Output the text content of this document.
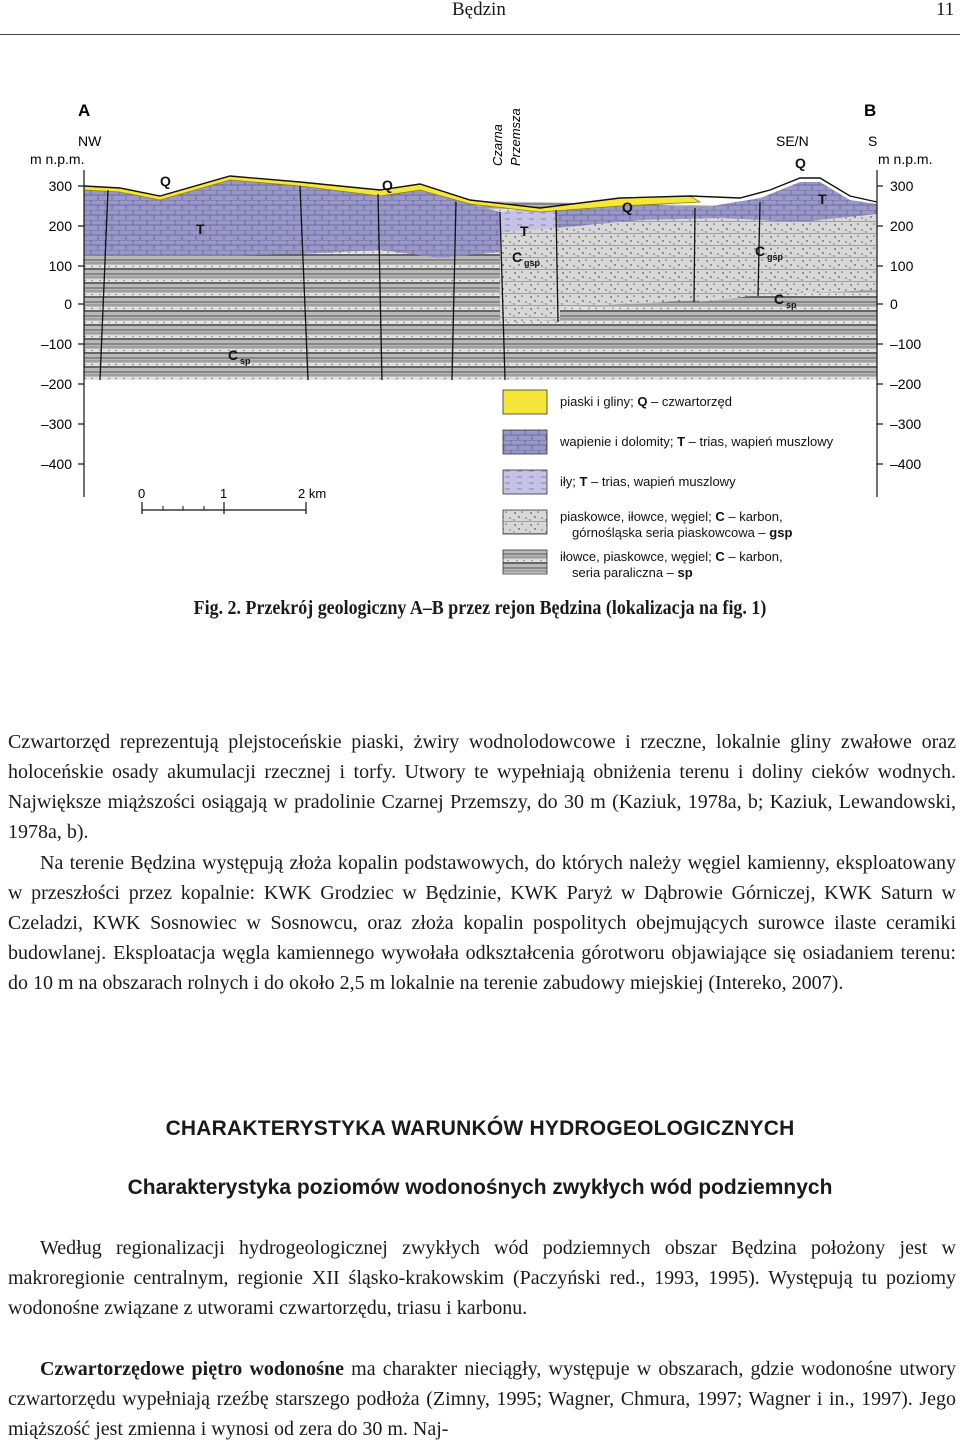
Będzin	11
300
200
100
0
–100
–200
–300
–400
300
200
100
0
–100
–200
–300
–400
A	B
NW	SE/N	S
m n.p.m.	m n.p.m.
Czarna Przemsza
Q	Q
Q
Q
T	T
T
C gsp
C gsp
C sp
C sp
0	1	2 km
piaski i gliny; Q – czwartorzęd
wapienie i dolomity; T – trias, wapień muszlowy
iły; T – trias, wapień muszlowy
piaskowce, iłowce, węgiel; C – karbon,
górnośląska seria piaskowcowa – gsp
iłowce, piaskowce, węgiel; C – karbon,
seria paraliczna – sp
Fig. 2. Przekrój geologiczny A–B przez rejon Będzina (lokalizacja na fig. 1)

Czwartorzęd reprezentują plejstoceńskie piaski, żwiry wodnolodowcowe i rzeczne, lokalnie gliny zwałowe oraz holoceńskie osady akumulacji rzecznej i torfy. Utwory te wypełniają obniżenia terenu i doliny cieków wodnych. Największe miąższości osiągają w pradolinie Czarnej Przemszy, do 30 m (Kaziuk, 1978a, b; Kaziuk, Lewandowski, 1978a, b).

Na terenie Będzina występują złoża kopalin podstawowych, do których należy węgiel kamienny, eksploatowany w przeszłości przez kopalnie: KWK Grodziec w Będzinie, KWK Paryż w Dąbrowie Górniczej, KWK Saturn w Czeladzi, KWK Sosnowiec w Sosnowcu, oraz złoża kopalin pospolitych obejmujących surowce ilaste ceramiki budowlanej. Eksploatacja węgla kamiennego wywołała odkształcenia górotworu objawiające się osiadaniem terenu: do 10 m na obszarach rolnych i do około 2,5 m lokalnie na terenie zabudowy miejskiej (Intereko, 2007).

CHARAKTERYSTYKA WARUNKÓW HYDROGEOLOGICZNYCH
Charakterystyka poziomów wodonośnych zwykłych wód podziemnych

Według regionalizacji hydrogeologicznej zwykłych wód podziemnych obszar Będzina położony jest w makroregionie centralnym, regionie XII śląsko-krakowskim (Paczyński red., 1993, 1995). Występują tu poziomy wodonośne związane z utworami czwartorzędu, triasu i karbonu.

Czwartorzędowe piętro wodonośne ma charakter nieciągły, występuje w obszarach, gdzie wodonośne utwory czwartorzędu wypełniają rzeźbę starszego podłoża (Zimny, 1995; Wagner, Chmura, 1997; Wagner i in., 1997). Jego miąższość jest zmienna i wynosi od zera do 30 m. Naj-
